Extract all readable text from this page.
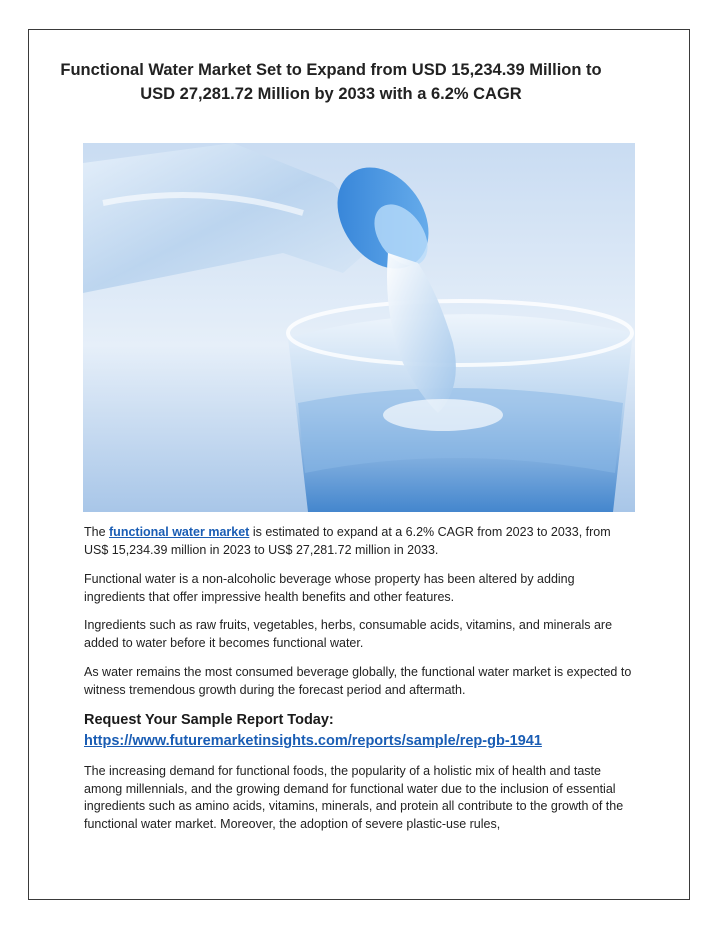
Functional Water Market Set to Expand from USD 15,234.39 Million to USD 27,281.72 Million by 2033 with a 6.2% CAGR

The functional water market is estimated to expand at a 6.2% CAGR from 2023 to 2033, from US$ 15,234.39 million in 2023 to US$ 27,281.72 million in 2033.

Functional water is a non-alcoholic beverage whose property has been altered by adding ingredients that offer impressive health benefits and other features.

Ingredients such as raw fruits, vegetables, herbs, consumable acids, vitamins, and minerals are added to water before it becomes functional water.

As water remains the most consumed beverage globally, the functional water market is expected to witness tremendous growth during the forecast period and aftermath.

Request Your Sample Report Today:
https://www.futuremarketinsights.com/reports/sample/rep-gb-1941

The increasing demand for functional foods, the popularity of a holistic mix of health and taste among millennials, and the growing demand for functional water due to the inclusion of essential ingredients such as amino acids, vitamins, minerals, and protein all contribute to the growth of the functional water market. Moreover, the adoption of severe plastic-use rules,
